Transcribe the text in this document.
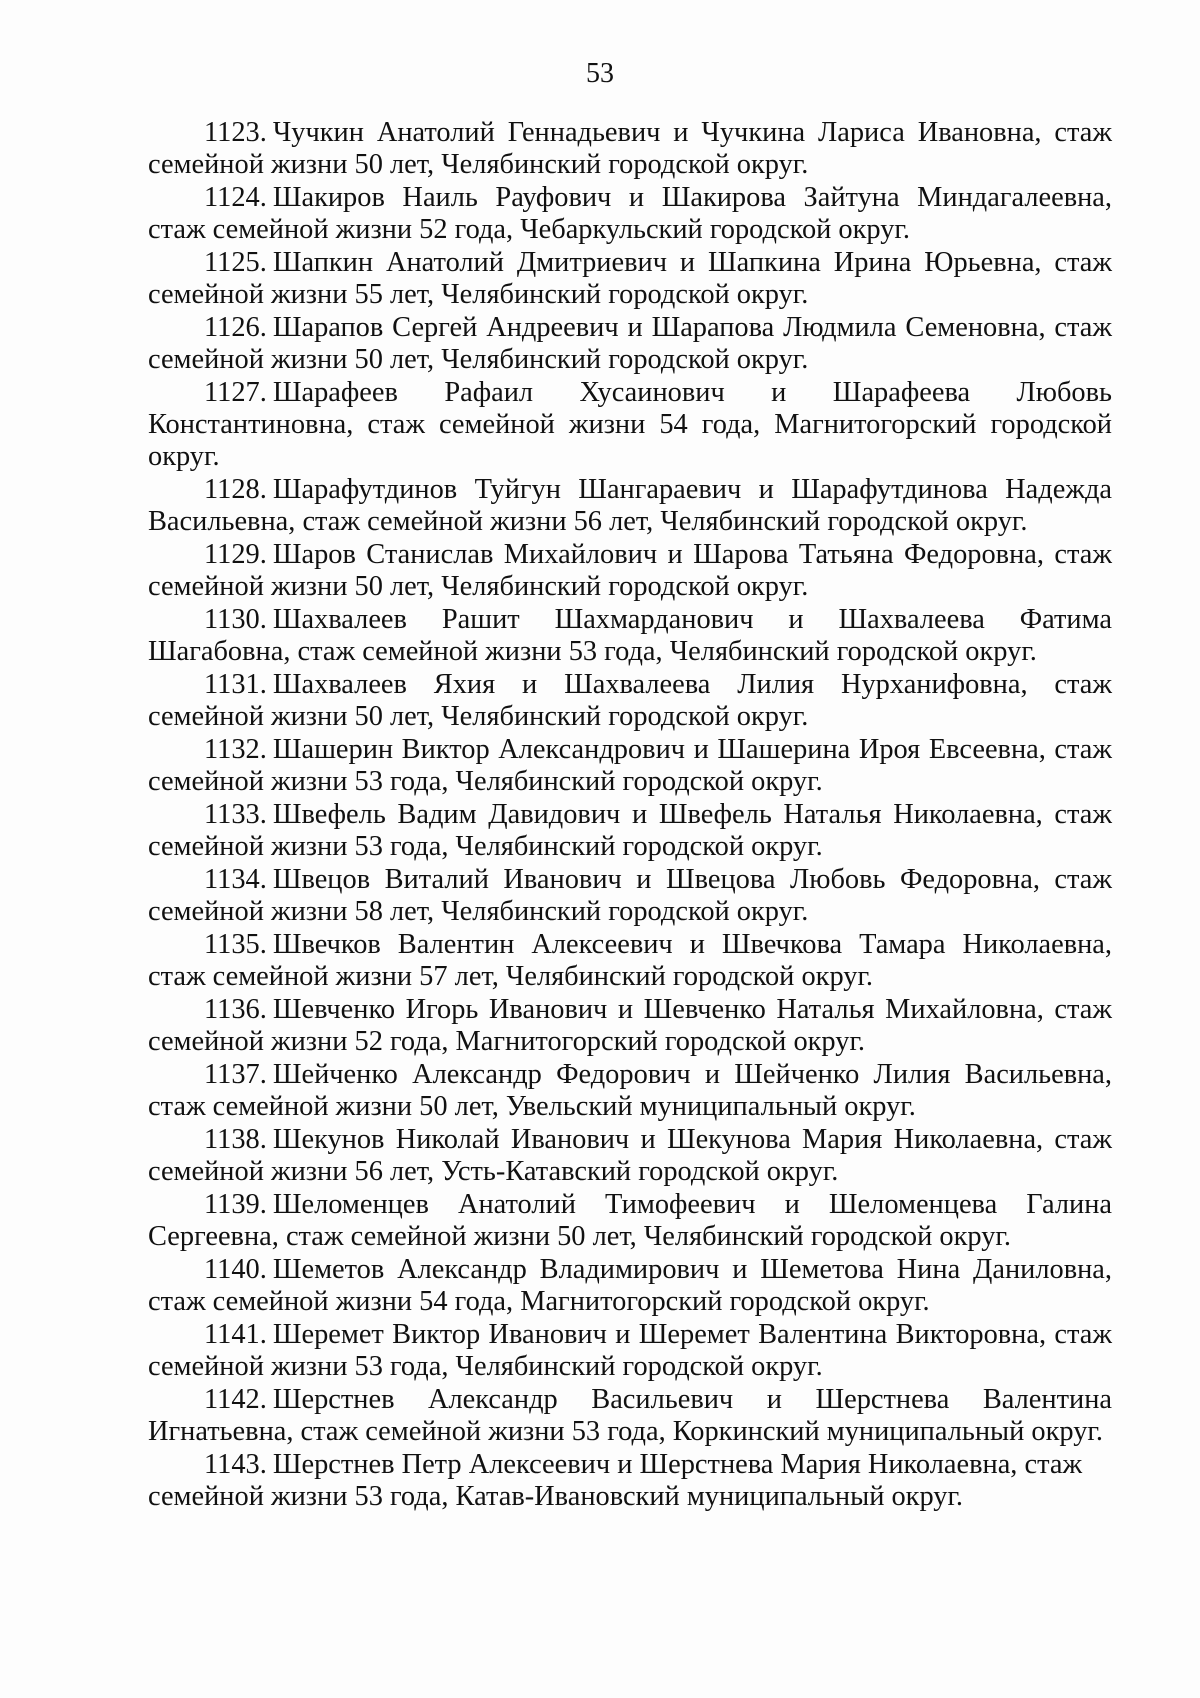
53

1123. Чучкин Анатолий Геннадьевич и Чучкина Лариса Ивановна, стаж семейной жизни 50 лет, Челябинский городской округ.

1124. Шакиров Наиль Рауфович и Шакирова Зайтуна Миндагалеевна, стаж семейной жизни 52 года, Чебаркульский городской округ.

1125. Шапкин Анатолий Дмитриевич и Шапкина Ирина Юрьевна, стаж семейной жизни 55 лет, Челябинский городской округ.

1126. Шарапов Сергей Андреевич и Шарапова Людмила Семеновна, стаж семейной жизни 50 лет, Челябинский городской округ.

1127. Шарафеев Рафаил Хусаинович и Шарафеева Любовь Константиновна, стаж семейной жизни 54 года, Магнитогорский городской округ.

1128. Шарафутдинов Туйгун Шангараевич и Шарафутдинова Надежда Васильевна, стаж семейной жизни 56 лет, Челябинский городской округ.

1129. Шаров Станислав Михайлович и Шарова Татьяна Федоровна, стаж семейной жизни 50 лет, Челябинский городской округ.

1130. Шахвалеев Рашит Шахмарданович и Шахвалеева Фатима Шагабовна, стаж семейной жизни 53 года, Челябинский городской округ.

1131. Шахвалеев Яхия и Шахвалеева Лилия Нурханифовна, стаж семейной жизни 50 лет, Челябинский городской округ.

1132. Шашерин Виктор Александрович и Шашерина Ироя Евсеевна, стаж семейной жизни 53 года, Челябинский городской округ.

1133. Швефель Вадим Давидович и Швефель Наталья Николаевна, стаж семейной жизни 53 года, Челябинский городской округ.

1134. Швецов Виталий Иванович и Швецова Любовь Федоровна, стаж семейной жизни 58 лет, Челябинский городской округ.

1135. Швечков Валентин Алексеевич и Швечкова Тамара Николаевна, стаж семейной жизни 57 лет, Челябинский городской округ.

1136. Шевченко Игорь Иванович и Шевченко Наталья Михайловна, стаж семейной жизни 52 года, Магнитогорский городской округ.

1137. Шейченко Александр Федорович и Шейченко Лилия Васильевна, стаж семейной жизни 50 лет, Увельский муниципальный округ.

1138. Шекунов Николай Иванович и Шекунова Мария Николаевна, стаж семейной жизни 56 лет, Усть-Катавский городской округ.

1139. Шеломенцев Анатолий Тимофеевич и Шеломенцева Галина Сергеевна, стаж семейной жизни 50 лет, Челябинский городской округ.

1140. Шеметов Александр Владимирович и Шеметова Нина Даниловна, стаж семейной жизни 54 года, Магнитогорский городской округ.

1141. Шеремет Виктор Иванович и Шеремет Валентина Викторовна, стаж семейной жизни 53 года, Челябинский городской округ.

1142. Шерстнев Александр Васильевич и Шерстнева Валентина Игнатьевна, стаж семейной жизни 53 года, Коркинский муниципальный округ.

1143. Шерстнев Петр Алексеевич и Шерстнева Мария Николаевна, стаж семейной жизни 53 года, Катав-Ивановский муниципальный округ.
